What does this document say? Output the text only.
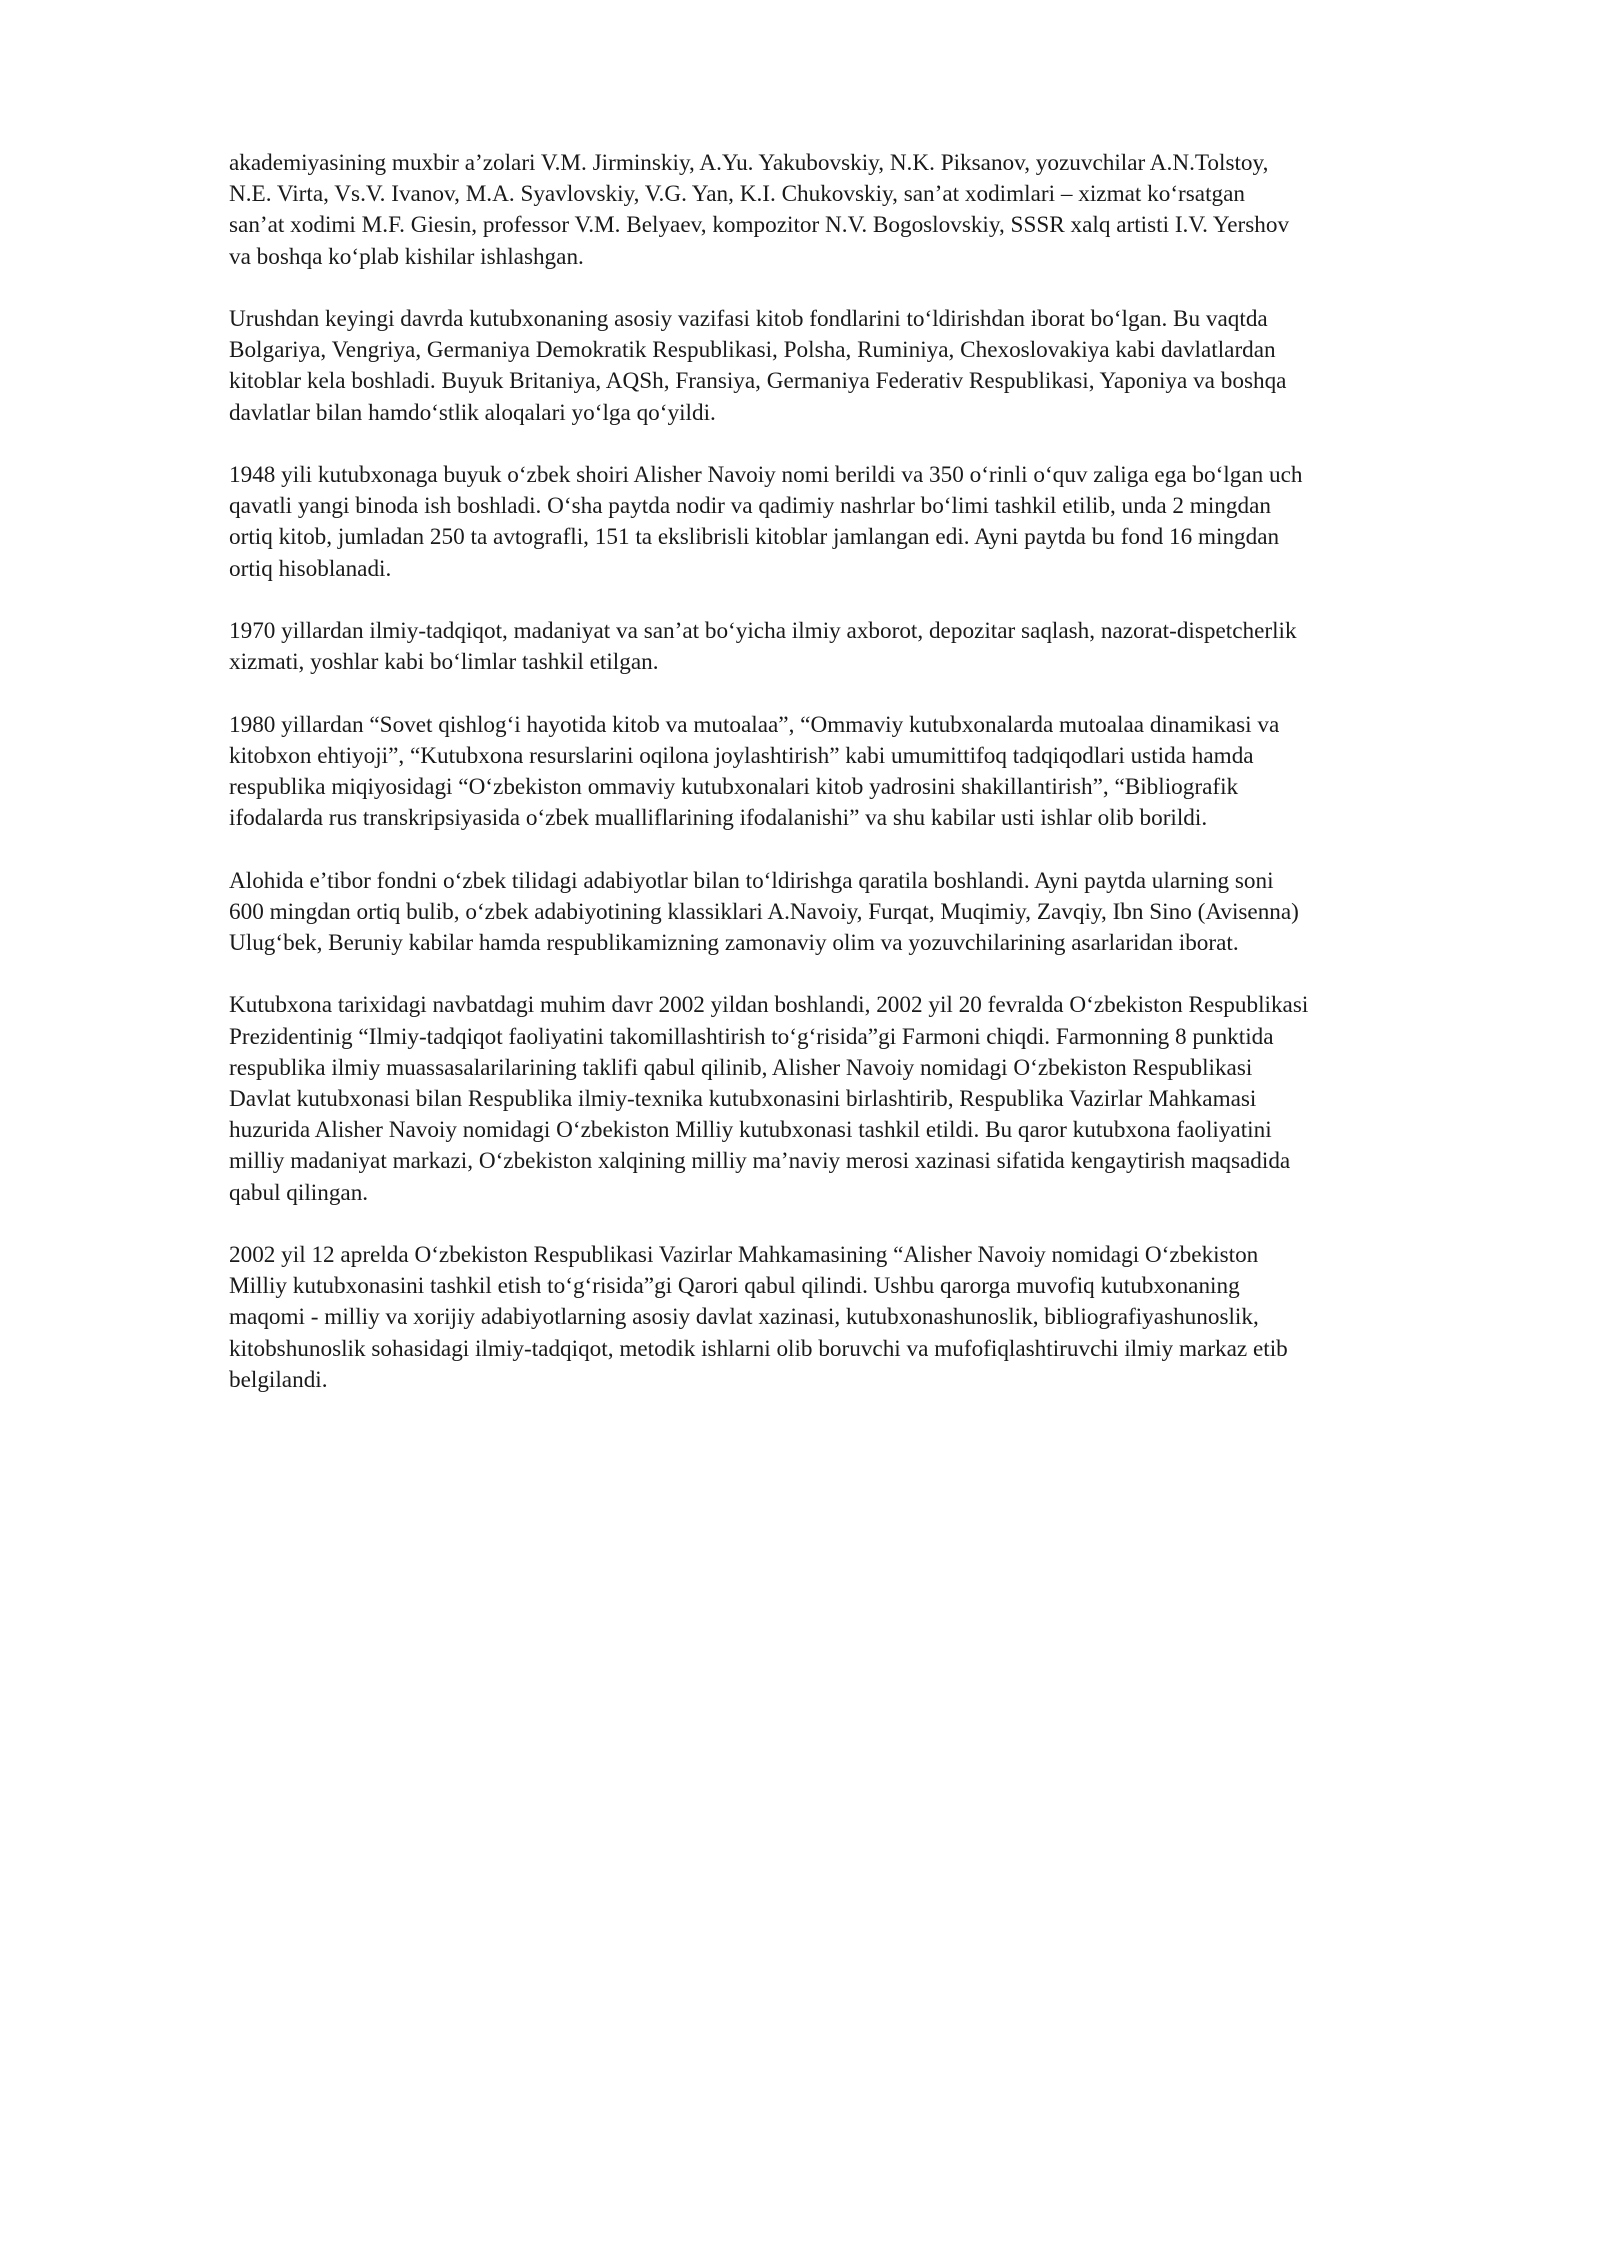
akademiyasining muxbir a’zolari V.M. Jirminskiy, A.Yu. Yakubovskiy, N.K. Piksanov, yozuvchilar A.N.Tolstoy,
N.E. Virta, Vs.V. Ivanov, M.A. Syavlovskiy, V.G. Yan, K.I. Chukovskiy, san’at xodimlari – xizmat ko‘rsatgan
san’at xodimi M.F. Giesin, professor V.M. Belyaev, kompozitor N.V. Bogoslovskiy, SSSR xalq artisti I.V. Yershov
va boshqa ko‘plab kishilar ishlashgan.

Urushdan keyingi davrda kutubxonaning asosiy vazifasi kitob fondlarini to‘ldirishdan iborat bo‘lgan. Bu vaqtda
Bolgariya, Vengriya, Germaniya Demokratik Respublikasi, Polsha, Ruminiya, Chexoslovakiya kabi davlatlardan
kitoblar kela boshladi. Buyuk Britaniya, AQSh, Fransiya, Germaniya Federativ Respublikasi, Yaponiya va boshqa
davlatlar bilan hamdo‘stlik aloqalari yo‘lga qo‘yildi.

1948 yili kutubxonaga buyuk o‘zbek shoiri Alisher Navoiy nomi berildi va 350 o‘rinli o‘quv zaliga ega bo‘lgan uch
qavatli yangi binoda ish boshladi. O‘sha paytda nodir va qadimiy nashrlar bo‘limi tashkil etilib, unda 2 mingdan
ortiq kitob, jumladan 250 ta avtografli, 151 ta ekslibrisli kitoblar jamlangan edi. Ayni paytda bu fond 16 mingdan
ortiq hisoblanadi.

1970 yillardan ilmiy-tadqiqot, madaniyat va san’at bo‘yicha ilmiy axborot, depozitar saqlash, nazorat-dispetcherlik
xizmati, yoshlar kabi bo‘limlar tashkil etilgan.

1980 yillardan “Sovet qishlog‘i hayotida kitob va mutoalaa”, “Ommaviy kutubxonalarda mutoalaa dinamikasi va
kitobxon ehtiyoji”, “Kutubxona resurslarini oqilona joylashtirish” kabi umumittifoq tadqiqodlari ustida hamda
respublika miqiyosidagi “O‘zbekiston ommaviy kutubxonalari kitob yadrosini shakillantirish”, “Bibliografik
ifodalarda rus transkripsiyasida o‘zbek mualliflarining ifodalanishi” va shu kabilar usti ishlar olib borildi.

Alohida e’tibor fondni o‘zbek tilidagi adabiyotlar bilan to‘ldirishga qaratila boshlandi. Ayni paytda ularning soni
600 mingdan ortiq bulib, o‘zbek adabiyotining klassiklari A.Navoiy, Furqat, Muqimiy, Zavqiy, Ibn Sino (Avisenna)
Ulug‘bek, Beruniy kabilar hamda respublikamizning zamonaviy olim va yozuvchilarining asarlaridan iborat.

Kutubxona tarixidagi navbatdagi muhim davr 2002 yildan boshlandi, 2002 yil 20 fevralda O‘zbekiston Respublikasi
Prezidentinig “Ilmiy-tadqiqot faoliyatini takomillashtirish to‘g‘risida”gi Farmoni chiqdi. Farmonning 8 punktida
respublika ilmiy muassasalarilarining taklifi qabul qilinib, Alisher Navoiy nomidagi O‘zbekiston Respublikasi
Davlat kutubxonasi bilan Respublika ilmiy-texnika kutubxonasini birlashtirib, Respublika Vazirlar Mahkamasi
huzurida Alisher Navoiy nomidagi O‘zbekiston Milliy kutubxonasi tashkil etildi. Bu qaror kutubxona faoliyatini
milliy madaniyat markazi, O‘zbekiston xalqining milliy ma’naviy merosi xazinasi sifatida kengaytirish maqsadida
qabul qilingan.

2002 yil 12 aprelda O‘zbekiston Respublikasi Vazirlar Mahkamasining “Alisher Navoiy nomidagi O‘zbekiston
Milliy kutubxonasini tashkil etish to‘g‘risida”gi Qarori qabul qilindi. Ushbu qarorga muvofiq kutubxonaning
maqomi - milliy va xorijiy adabiyotlarning asosiy davlat xazinasi, kutubxonashunoslik, bibliografiyashunoslik,
kitobshunoslik sohasidagi ilmiy-tadqiqot, metodik ishlarni olib boruvchi va mufofiqlashtiruvchi ilmiy markaz etib
belgilandi.
